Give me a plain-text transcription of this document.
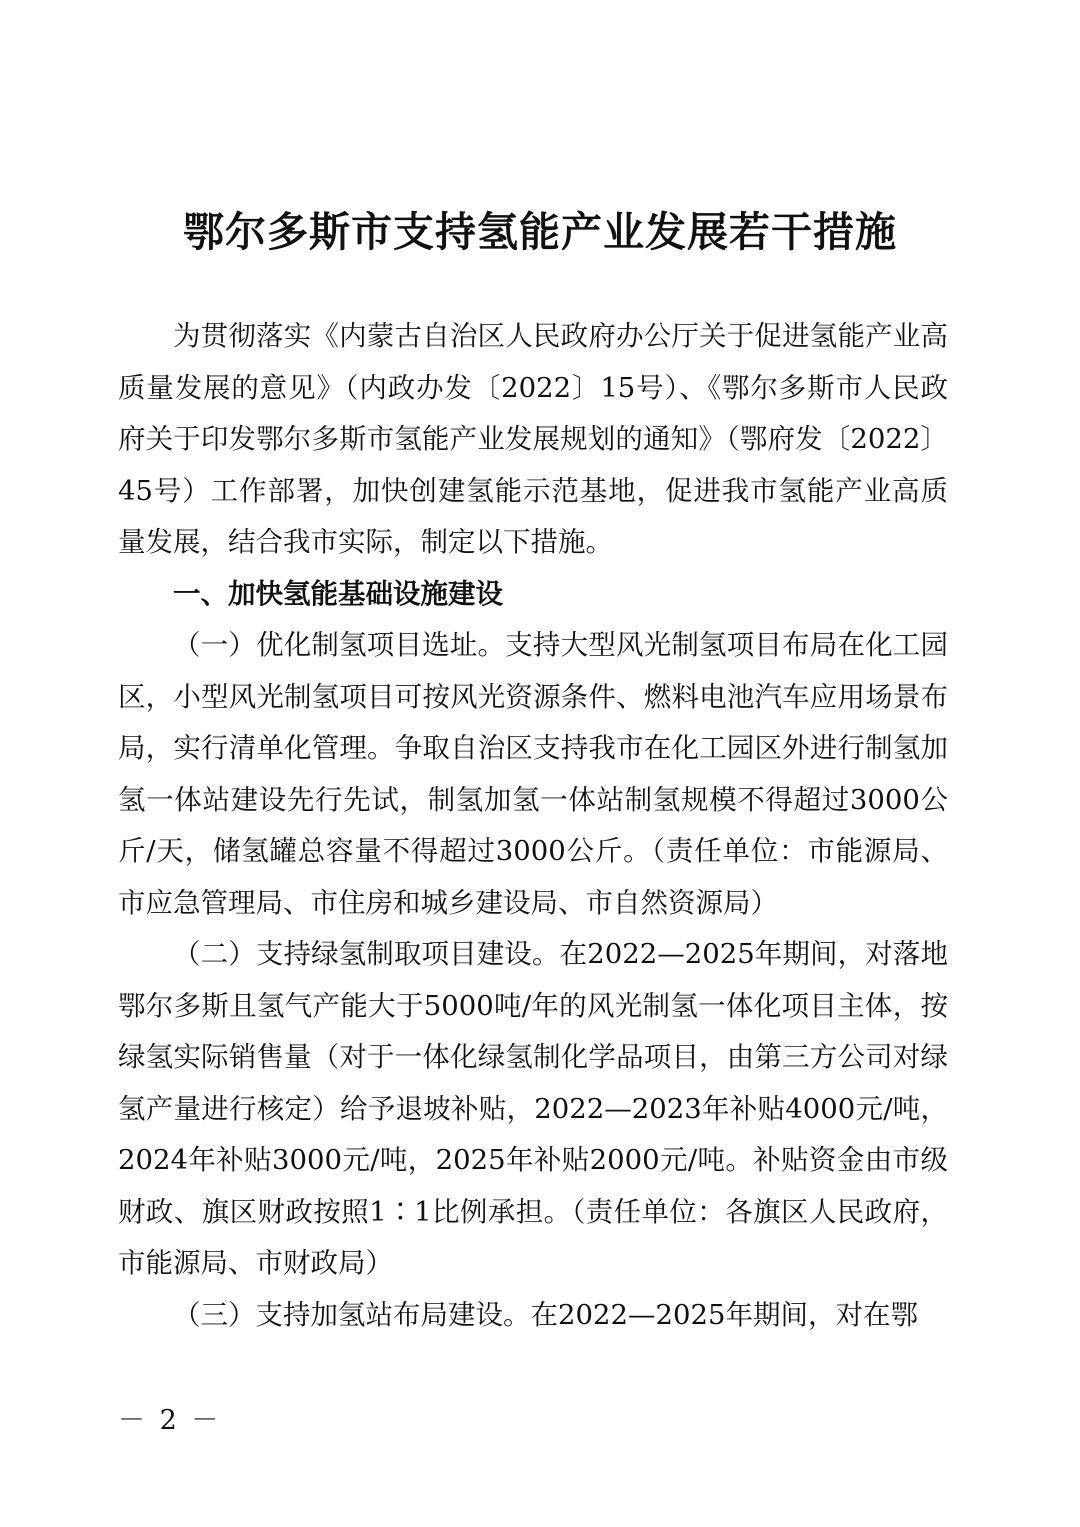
鄂尔多斯市支持氢能产业发展若干措施

为贯彻落实《内蒙古自治区人民政府办公厅关于促进氢能产业高质量发展的意见》（内政办发〔2022〕15号）、《鄂尔多斯市人民政府关于印发鄂尔多斯市氢能产业发展规划的通知》（鄂府发〔2022〕45号）工作部署，加快创建氢能示范基地，促进我市氢能产业高质量发展，结合我市实际，制定以下措施。

一、加快氢能基础设施建设

（一）优化制氢项目选址。支持大型风光制氢项目布局在化工园区，小型风光制氢项目可按风光资源条件、燃料电池汽车应用场景布局，实行清单化管理。争取自治区支持我市在化工园区外进行制氢加氢一体站建设先行先试，制氢加氢一体站制氢规模不得超过3000公斤/天，储氢罐总容量不得超过3000公斤。（责任单位：市能源局、市应急管理局、市住房和城乡建设局、市自然资源局）

（二）支持绿氢制取项目建设。在2022—2025年期间，对落地鄂尔多斯且氢气产能大于5000吨/年的风光制氢一体化项目主体，按绿氢实际销售量（对于一体化绿氢制化学品项目，由第三方公司对绿氢产量进行核定）给予退坡补贴，2022—2023年补贴4000元/吨，2024年补贴3000元/吨，2025年补贴2000元/吨。补贴资金由市级财政、旗区财政按照1∶1比例承担。（责任单位：各旗区人民政府，市能源局、市财政局）

（三）支持加氢站布局建设。在2022—2025年期间，对在鄂

－ 2 －
